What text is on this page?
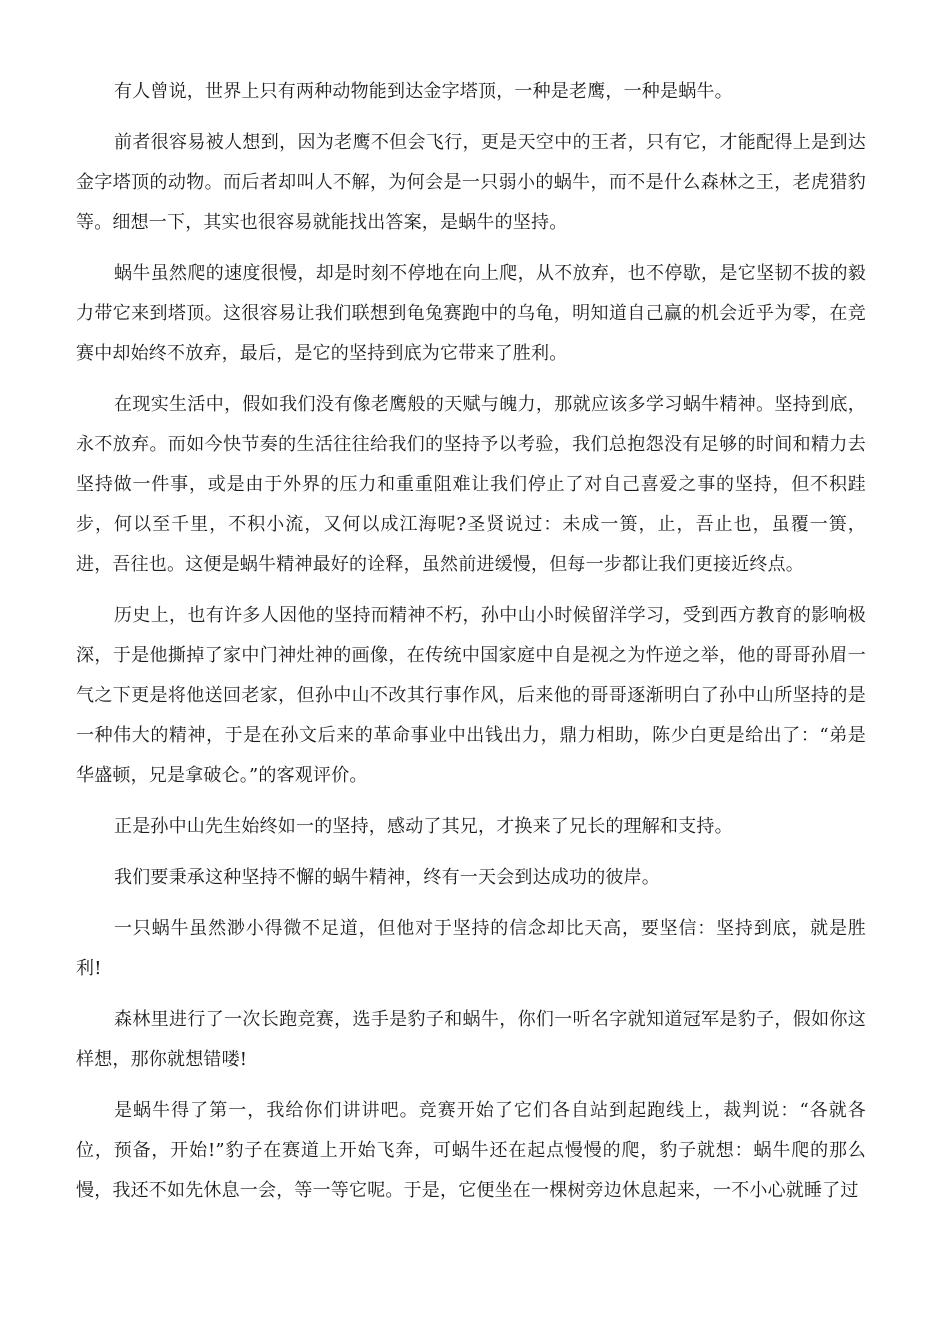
有人曾说，世界上只有两种动物能到达金字塔顶，一种是老鹰，一种是蜗牛。

前者很容易被人想到，因为老鹰不但会飞行，更是天空中的王者，只有它，才能配得上是到达金字塔顶的动物。而后者却叫人不解，为何会是一只弱小的蜗牛，而不是什么森林之王，老虎猎豹等。细想一下，其实也很容易就能找出答案，是蜗牛的坚持。

蜗牛虽然爬的速度很慢，却是时刻不停地在向上爬，从不放弃，也不停歇，是它坚韧不拔的毅力带它来到塔顶。这很容易让我们联想到龟兔赛跑中的乌龟，明知道自己赢的机会近乎为零，在竞赛中却始终不放弃，最后，是它的坚持到底为它带来了胜利。

在现实生活中，假如我们没有像老鹰般的天赋与魄力，那就应该多学习蜗牛精神。坚持到底，永不放弃。而如今快节奏的生活往往给我们的坚持予以考验，我们总抱怨没有足够的时间和精力去坚持做一件事，或是由于外界的压力和重重阻难让我们停止了对自己喜爱之事的坚持，但不积跬步，何以至千里，不积小流，又何以成江海呢?圣贤说过：未成一篑，止，吾止也，虽覆一篑，进，吾往也。这便是蜗牛精神最好的诠释，虽然前进缓慢，但每一步都让我们更接近终点。

历史上，也有许多人因他的坚持而精神不朽，孙中山小时候留洋学习，受到西方教育的影响极深，于是他撕掉了家中门神灶神的画像，在传统中国家庭中自是视之为忤逆之举，他的哥哥孙眉一气之下更是将他送回老家，但孙中山不改其行事作风，后来他的哥哥逐渐明白了孙中山所坚持的是一种伟大的精神，于是在孙文后来的革命事业中出钱出力，鼎力相助，陈少白更是给出了：“弟是华盛顿，兄是拿破仑。”的客观评价。

正是孙中山先生始终如一的坚持，感动了其兄，才换来了兄长的理解和支持。

我们要秉承这种坚持不懈的蜗牛精神，终有一天会到达成功的彼岸。

一只蜗牛虽然渺小得微不足道，但他对于坚持的信念却比天高，要坚信：坚持到底，就是胜利!

森林里进行了一次长跑竞赛，选手是豹子和蜗牛，你们一听名字就知道冠军是豹子，假如你这样想，那你就想错喽!

是蜗牛得了第一，我给你们讲讲吧。竞赛开始了它们各自站到起跑线上，裁判说：“各就各位，预备，开始!”豹子在赛道上开始飞奔，可蜗牛还在起点慢慢的爬，豹子就想：蜗牛爬的那么慢，我还不如先休息一会，等一等它呢。于是，它便坐在一棵树旁边休息起来，一不小心就睡了过
